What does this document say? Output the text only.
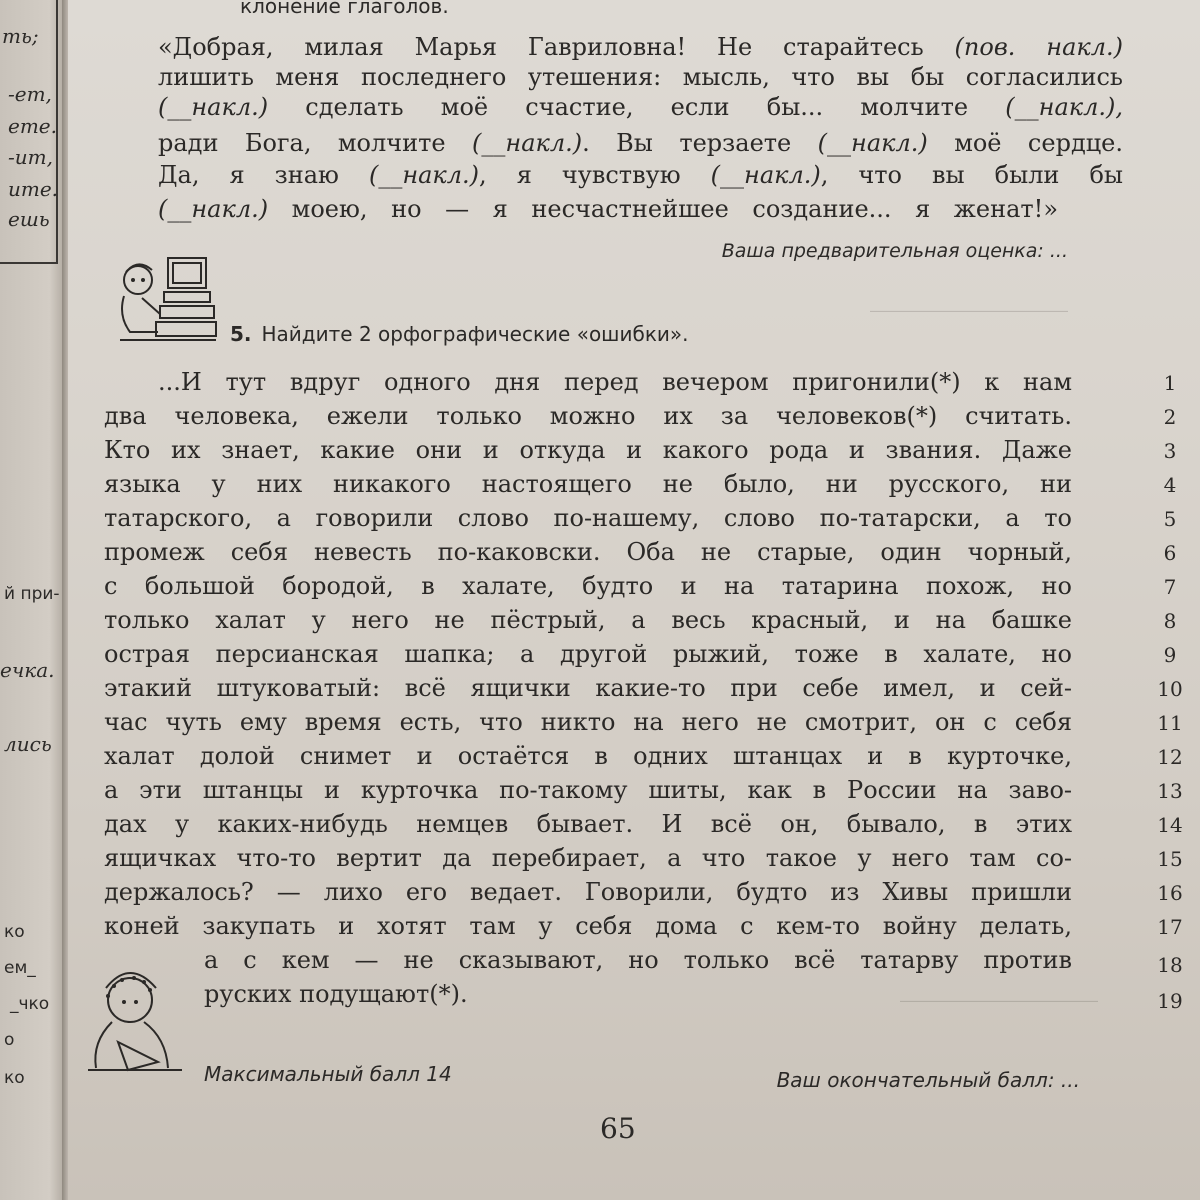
ть;
-ет,
ете.
-ит,
ите.
ешь
й при-
ечка.
лись
ко
ем_
_чко
о
ко
―――――――――――
―――――――――――
клонение глаголов.
«Добрая, милая Марья Гавриловна! Не старайтесь (пов. накл.)
лишить меня последнего утешения: мысль, что вы бы согласились
(__накл.) сделать моё счастие, если бы... молчите (__накл.),
ради Бога, молчите (__накл.). Вы терзаете (__накл.) моё сердце.
Да, я знаю (__накл.), я чувствую (__накл.), что вы были бы
(__накл.) моею, но — я несчастнейшее создание... я женат!»
Ваша предварительная оценка: ...
5. Найдите 2 орфографические «ошибки».
...И тут вдруг одного дня перед вечером пригонили(*) к нам
два человека, ежели только можно их за человеков(*) считать.
Кто их знает, какие они и откуда и какого рода и звания. Даже
языка у них никакого настоящего не было, ни русского, ни
татарского, а говорили слово по-нашему, слово по-татарски, а то
промеж себя невесть по-каковски. Оба не старые, один чорный,
с большой бородой, в халате, будто и на татарина похож, но
только халат у него не пёстрый, а весь красный, и на башке
острая персианская шапка; а другой рыжий, тоже в халате, но
этакий штуковатый: всё ящички какие-то при себе имел, и сей-
час чуть ему время есть, что никто на него не смотрит, он с себя
халат долой снимет и остаётся в одних штанцах и в курточке,
а эти штанцы и курточка по-такому шиты, как в России на заво-
дах у каких-нибудь немцев бывает. И всё он, бывало, в этих
ящичках что-то вертит да перебирает, а что такое у него там со-
держалось? — лихо его ведает. Говорили, будто из Хивы пришли
коней закупать и хотят там у себя дома с кем-то войну делать,
а с кем — не сказывают, но только всё татарву против
руских подущают(*).
1
2
3
4
5
6
7
8
9
10
11
12
13
14
15
16
17
18
19
Максимальный балл 14	Ваш окончательный балл: ...
65
